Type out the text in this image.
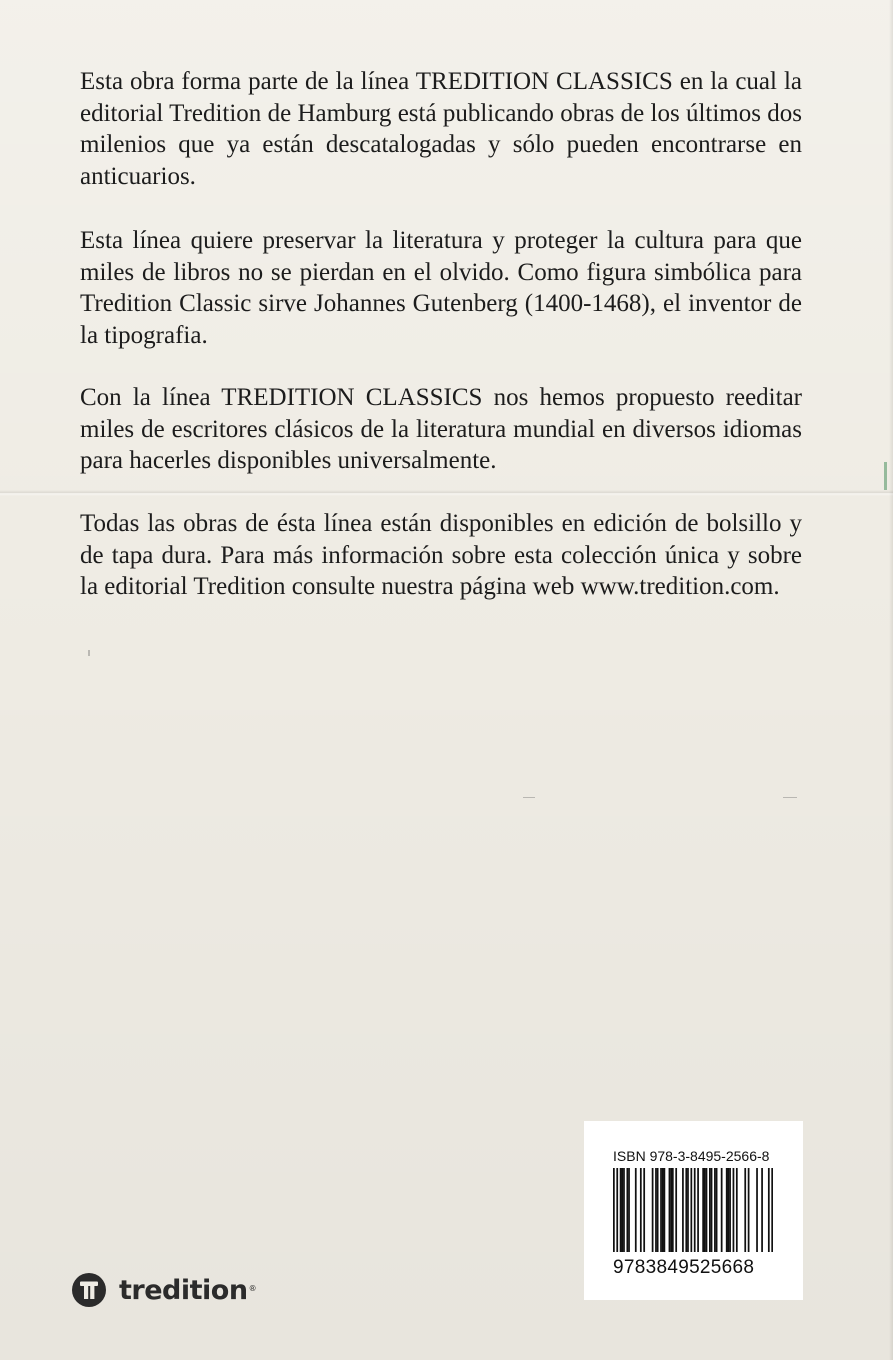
Esta obra forma parte de la línea TREDITION CLASSICS en la cual la editorial Tredition de Hamburg está publicando obras de los últimos dos milenios que ya están descatalogadas y sólo pueden encontrarse en anticuarios.

Esta línea quiere preservar la literatura y proteger la cultura para que miles de libros no se pierdan en el olvido. Como figura simbólica para Tredition Classic sirve Johannes Gutenberg (1400-1468), el inventor de la tipografia.

Con la línea TREDITION CLASSICS nos hemos propuesto reeditar miles de escritores clásicos de la literatura mundial en diversos idiomas para hacerles disponibles universalmente.

Todas las obras de ésta línea están disponibles en edición de bolsillo y de tapa dura. Para más información sobre esta colección única y sobre la editorial Tredition consulte nuestra página web www.tredition.com.

ISBN 978-3-8495-2566-8
9783849525668
tredition ®
